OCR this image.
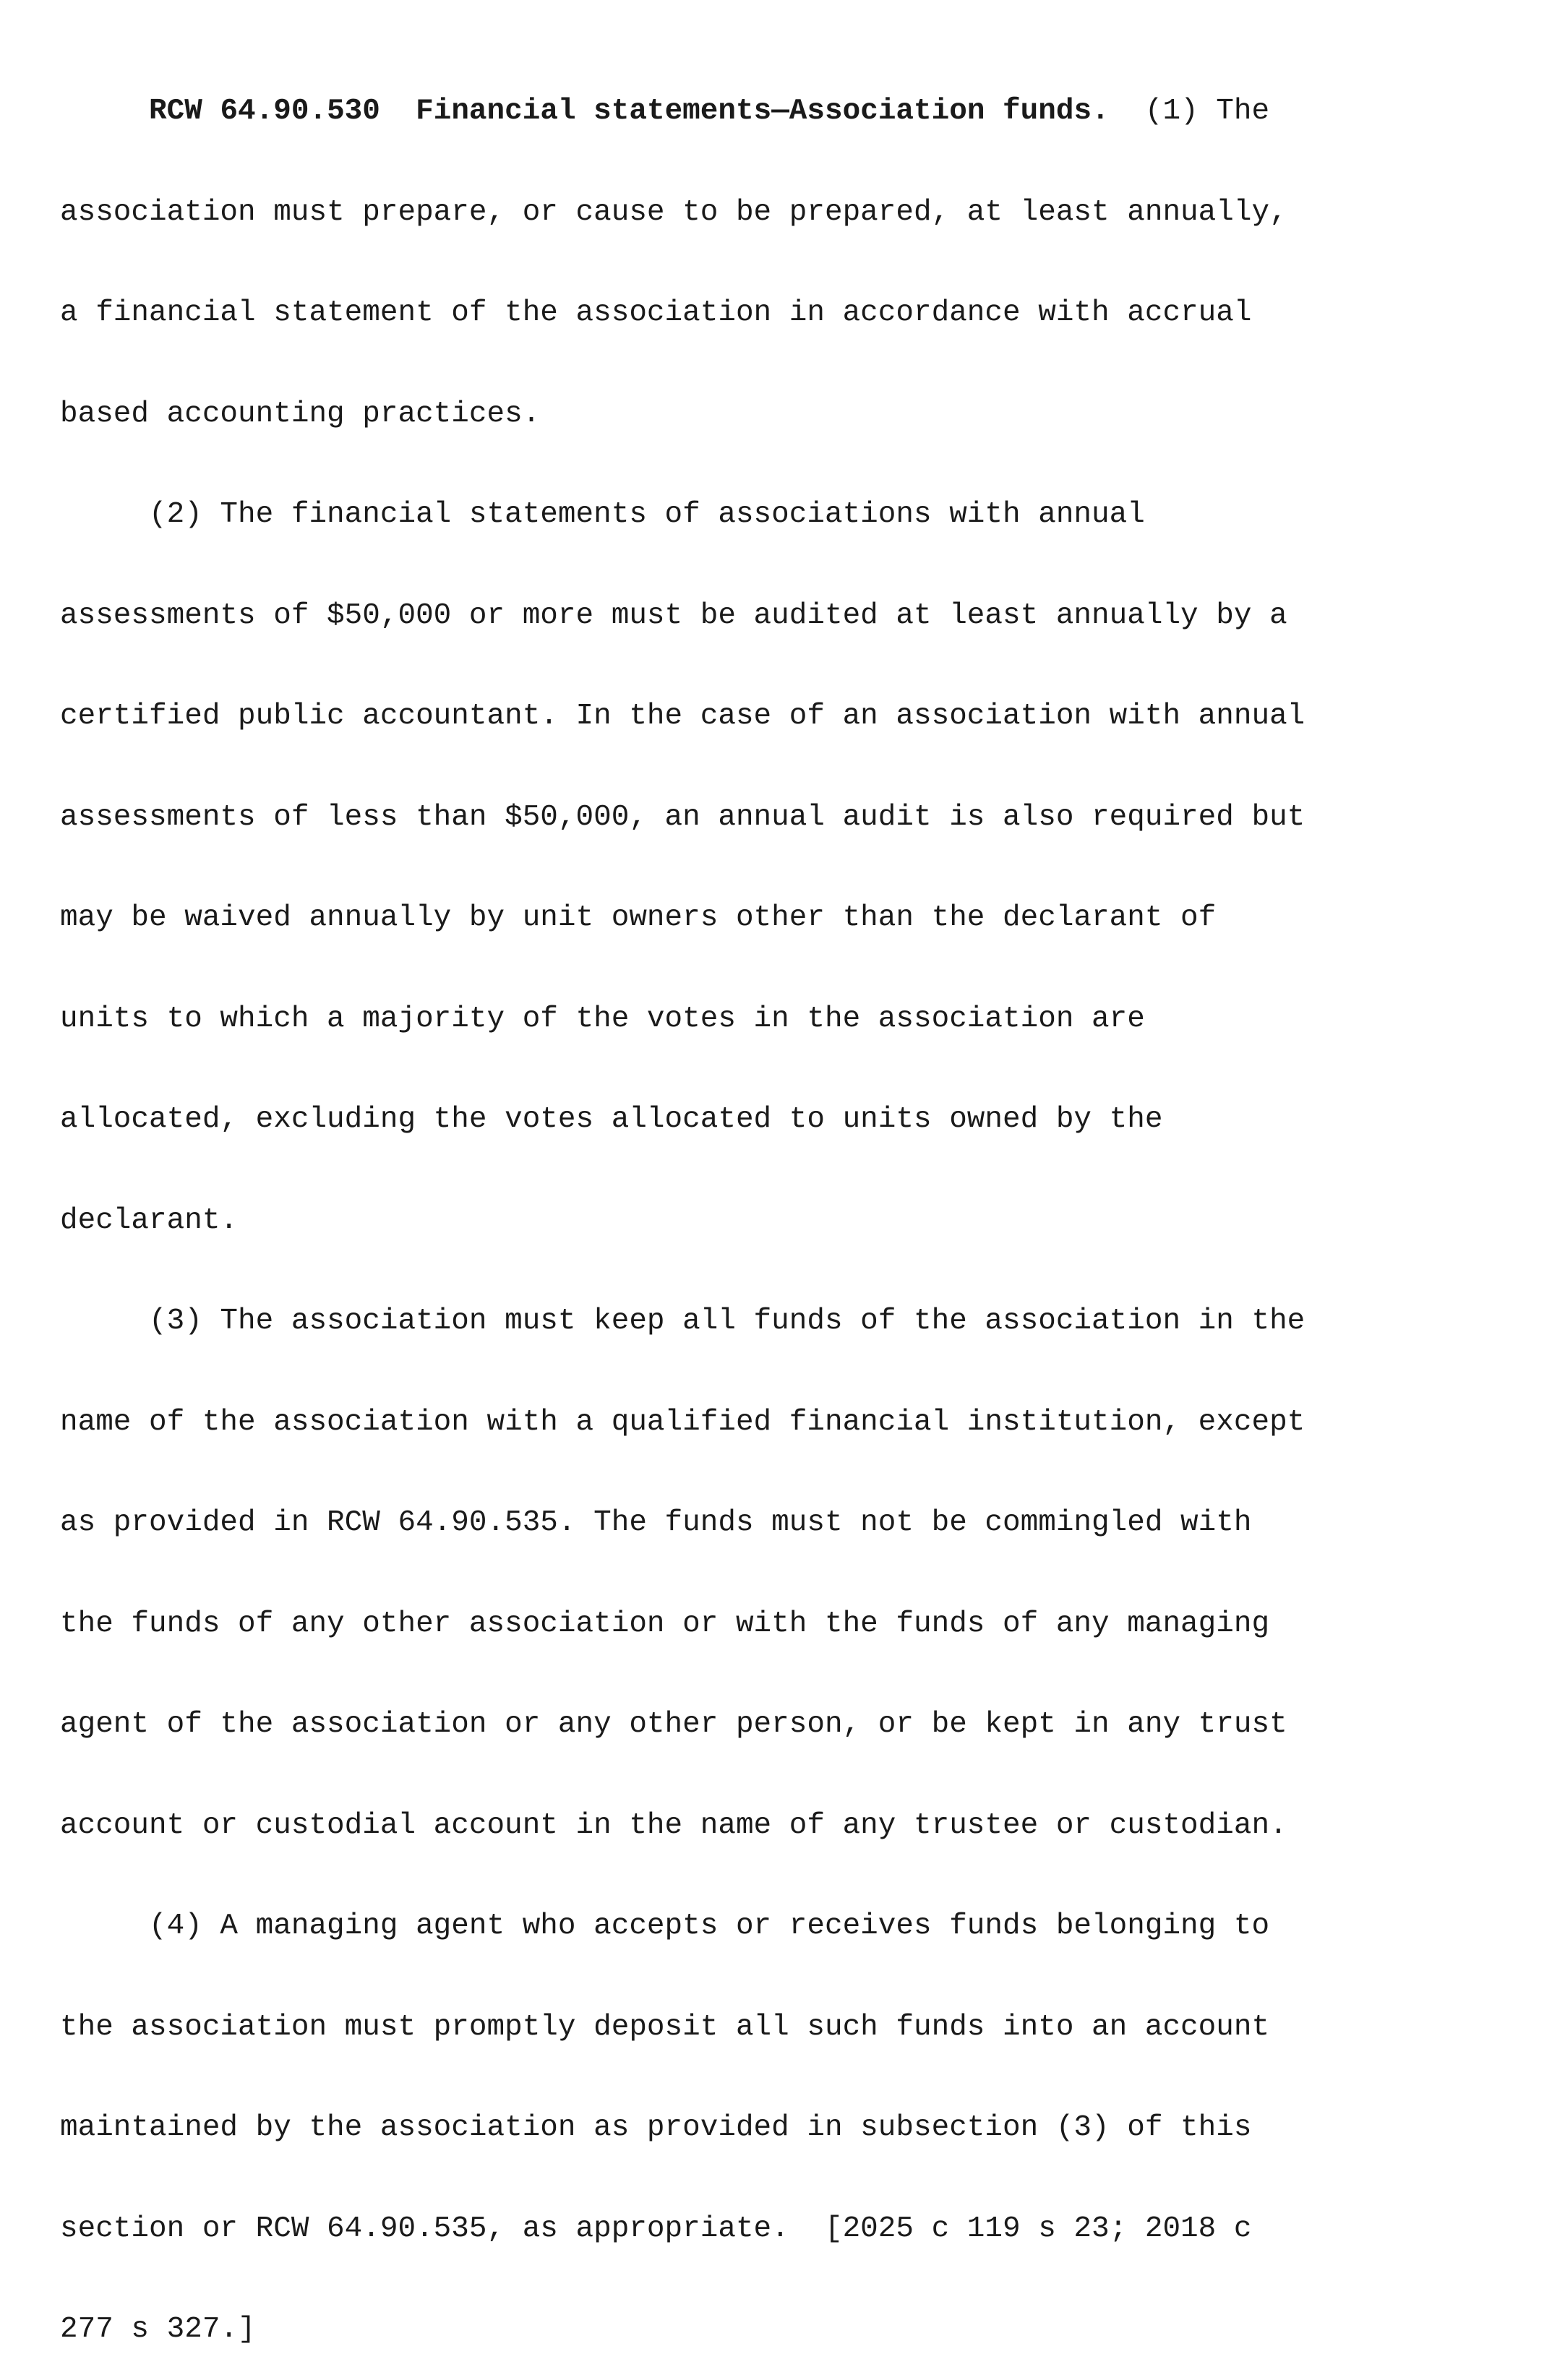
RCW 64.90.530 Financial statements—Association funds.  (1) The

association must prepare, or cause to be prepared, at least annually,

a financial statement of the association in accordance with accrual

based accounting practices.

(2) The financial statements of associations with annual

assessments of $50,000 or more must be audited at least annually by a

certified public accountant. In the case of an association with annual

assessments of less than $50,000, an annual audit is also required but

may be waived annually by unit owners other than the declarant of

units to which a majority of the votes in the association are

allocated, excluding the votes allocated to units owned by the

declarant.

(3) The association must keep all funds of the association in the

name of the association with a qualified financial institution, except

as provided in RCW 64.90.535. The funds must not be commingled with

the funds of any other association or with the funds of any managing

agent of the association or any other person, or be kept in any trust

account or custodial account in the name of any trustee or custodian.

(4) A managing agent who accepts or receives funds belonging to

the association must promptly deposit all such funds into an account

maintained by the association as provided in subsection (3) of this

section or RCW 64.90.535, as appropriate.  [2025 c 119 s 23; 2018 c

277 s 327.]
